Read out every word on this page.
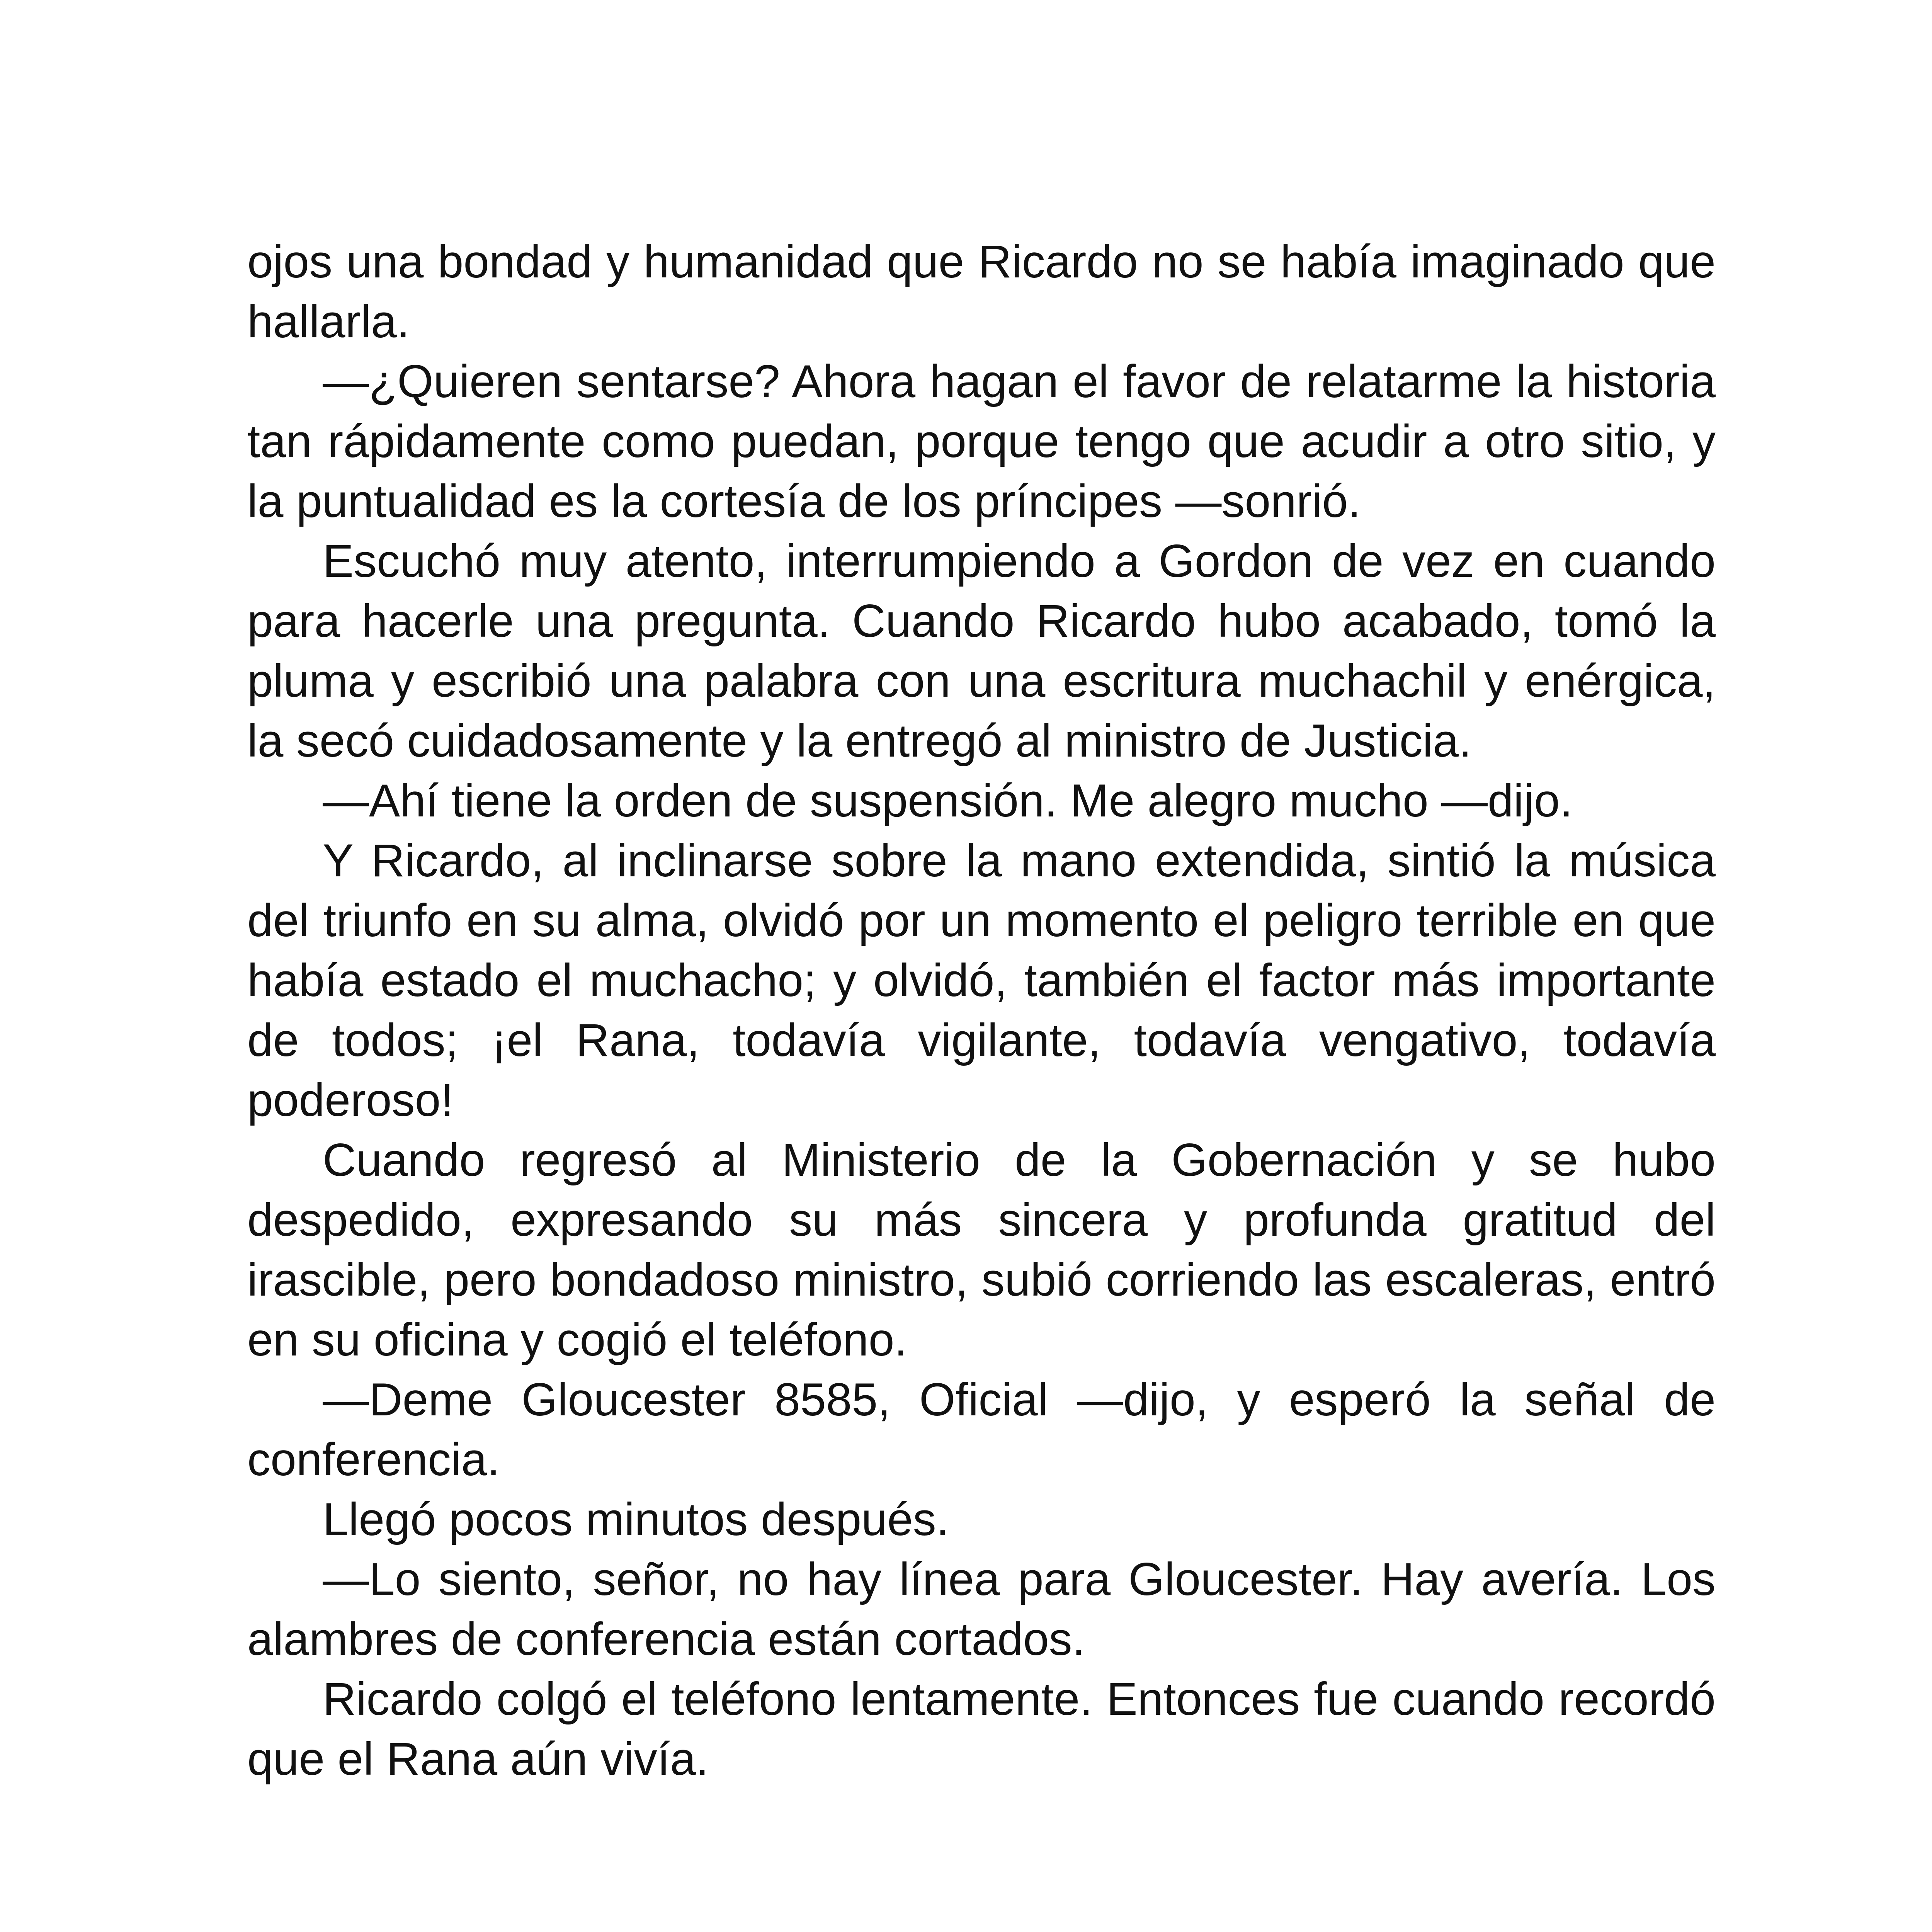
ojos una bondad y humanidad que Ricardo no se había imaginado que hallarla.

—¿Quieren sentarse? Ahora hagan el favor de relatarme la historia tan rápidamente como puedan, porque tengo que acudir a otro sitio, y la puntualidad es la cortesía de los príncipes —sonrió.

Escuchó muy atento, interrumpiendo a Gordon de vez en cuando para hacerle una pregunta. Cuando Ricardo hubo acabado, tomó la pluma y escribió una palabra con una escritura muchachil y enérgica, la secó cuidadosamente y la entregó al ministro de Justicia.

—Ahí tiene la orden de suspensión. Me alegro mucho —dijo.

Y Ricardo, al inclinarse sobre la mano extendida, sintió la música del triunfo en su alma, olvidó por un momento el peligro terrible en que había estado el muchacho; y olvidó, también el factor más importante de todos; ¡el Rana, todavía vigilante, todavía vengativo, todavía poderoso!

Cuando regresó al Ministerio de la Gobernación y se hubo despedido, expresando su más sincera y profunda gratitud del irascible, pero bondadoso ministro, subió corriendo las escaleras, entró en su oficina y cogió el teléfono.

—Deme Gloucester 8585, Oficial —dijo, y esperó la señal de conferencia.

Llegó pocos minutos después.

—Lo siento, señor, no hay línea para Gloucester. Hay avería. Los alambres de conferencia están cortados.

Ricardo colgó el teléfono lentamente. Entonces fue cuando recordó que el Rana aún vivía.
